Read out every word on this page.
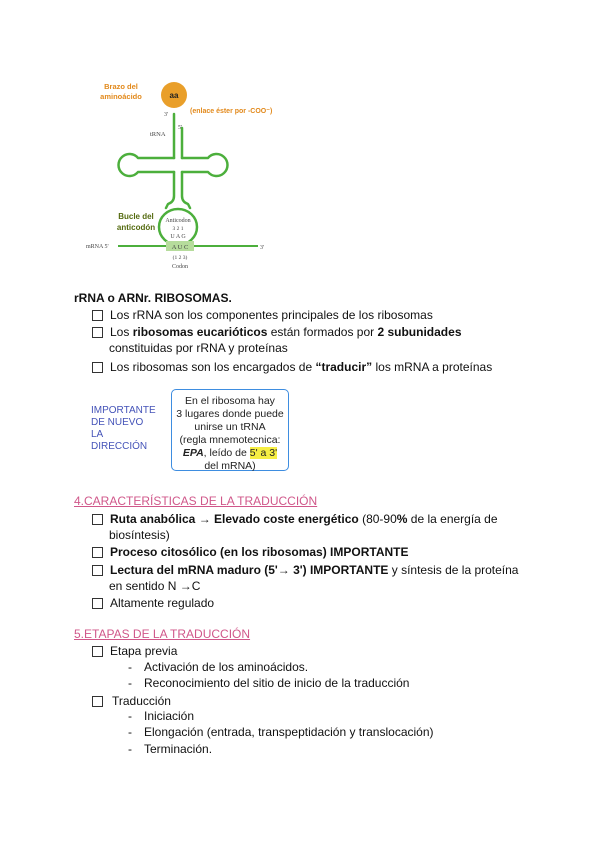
aa
Brazo del
aminoácido
(enlace éster por -COO⁻)
3'
5'
tRNA
Bucle del
anticodón
Anticodon
3 2 1
U A G
mRNA 5'	A U C	3'
(1 2 3)
Codon
rRNA o ARNr. RIBOSOMAS.
Los rRNA son los componentes principales de los ribosomas
Los ribosomas eucarióticos están formados por 2 subunidades
constituidas por rRNA y proteínas
Los ribosomas son los encargados de “traducir” los mRNA a proteínas
IMPORTANTE
DE NUEVO
LA
DIRECCIÓN
En el ribosoma hay
3 lugares donde puede
unirse un tRNA
(regla mnemotecnica:
EPA, leído de 5' a 3'
del mRNA)
4.CARACTERÍSTICAS DE LA TRADUCCIÓN
Ruta anabólica → Elevado coste energético (80-90% de la energía de
biosíntesis)
Proceso citosólico (en los ribosomas) IMPORTANTE
Lectura del mRNA maduro (5'→ 3') IMPORTANTE y síntesis de la proteína
en sentido N →C
Altamente regulado
5.ETAPAS DE LA TRADUCCIÓN
Etapa previa
-	Activación de los aminoácidos.
-	Reconocimiento del sitio de inicio de la traducción
Traducción
-	Iniciación
-	Elongación (entrada, transpeptidación y translocación)
-	Terminación.
